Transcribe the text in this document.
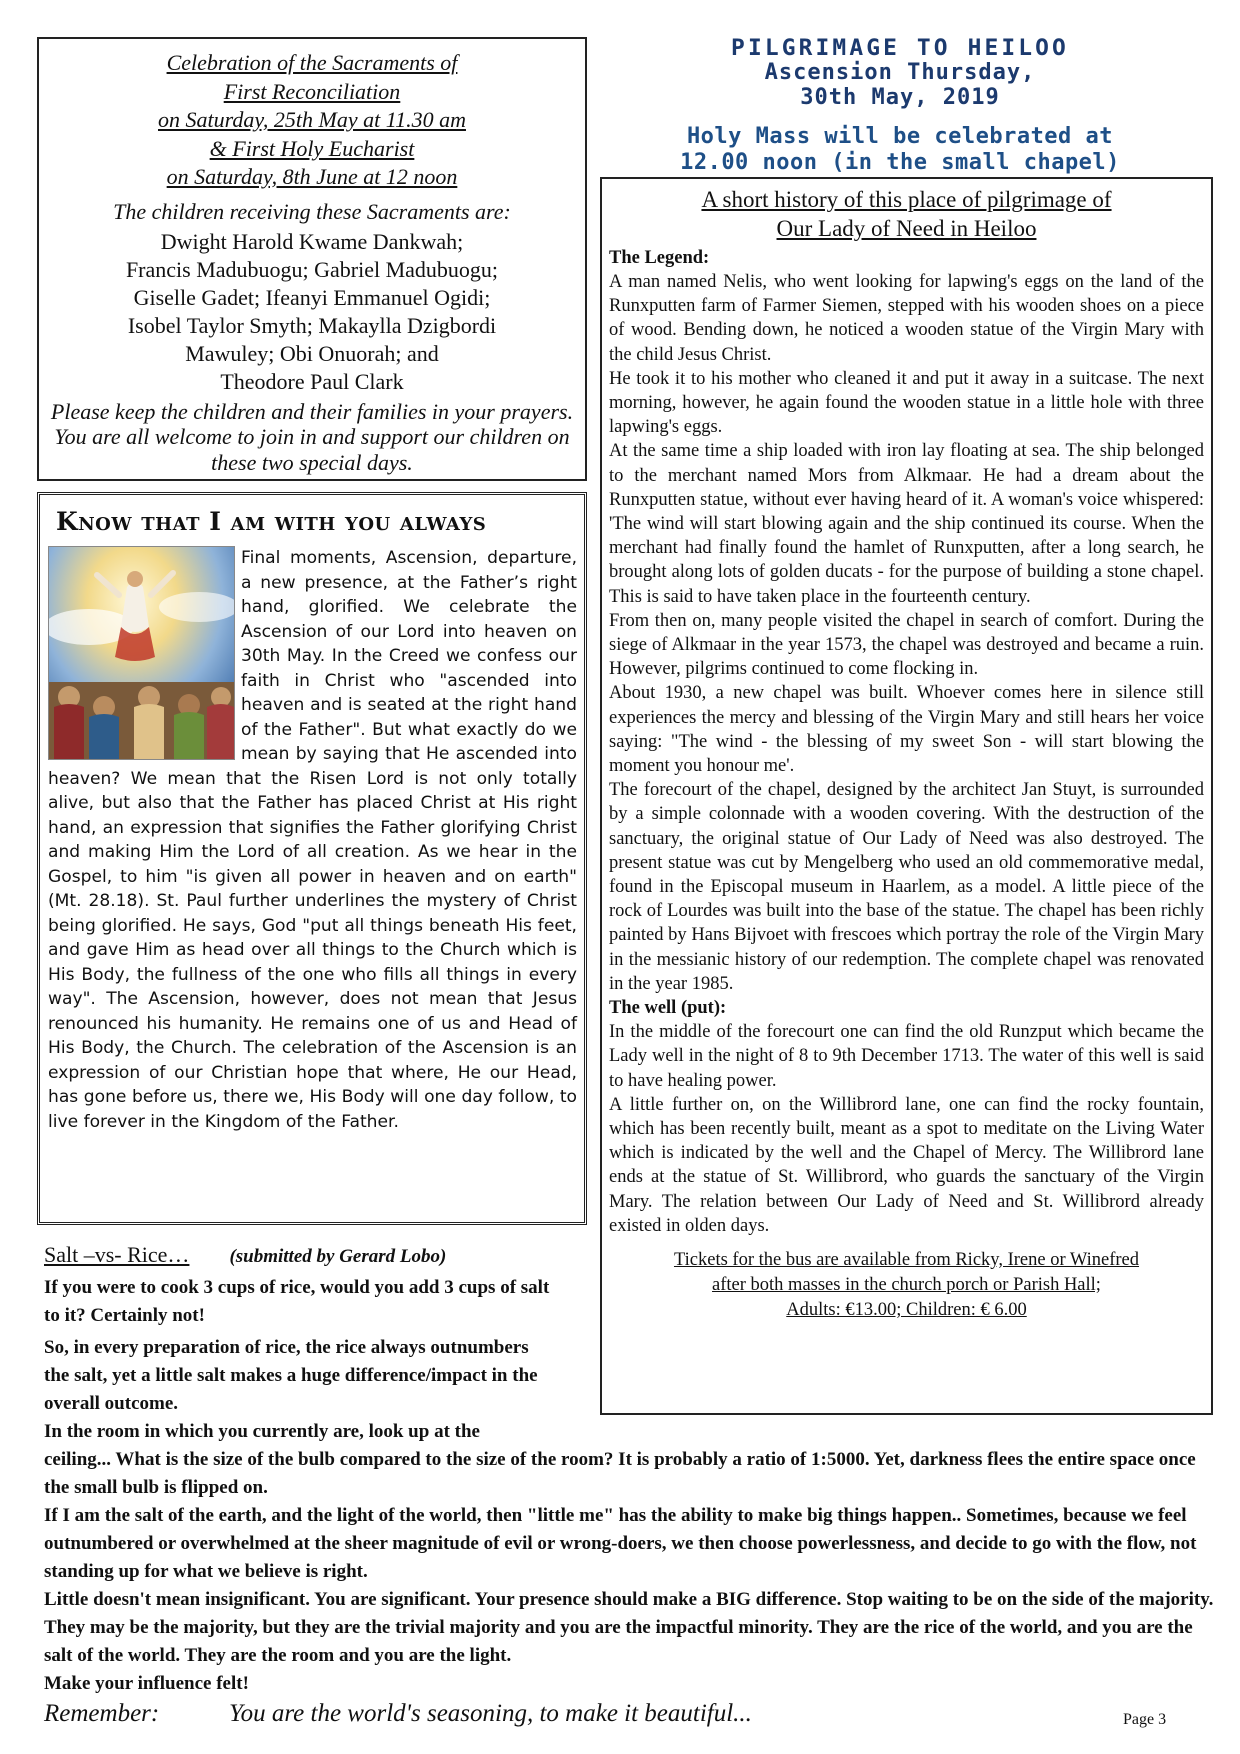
Celebration of the Sacraments of

First Reconciliation

on Saturday, 25th May at 11.30 am

& First Holy Eucharist

on Saturday, 8th June at 12 noon

The children receiving these Sacraments are:

Dwight Harold Kwame Dankwah;

Francis Madubuogu; Gabriel Madubuogu;

Giselle Gadet; Ifeanyi Emmanuel Ogidi;

Isobel Taylor Smyth; Makaylla Dzigbordi

Mawuley; Obi Onuorah; and

Theodore Paul Clark

Please keep the children and their families in your prayers. You are all welcome to join in and support our children on these two special days.

Know that I am with you always

Final moments, Ascension, departure, a new presence, at the Father’s right hand, glorified. We celebrate the Ascension of our Lord into heaven on 30th May. In the Creed we confess our faith in Christ who "ascended into heaven and is seated at the right hand of the Father". But what exactly do we mean by saying that He ascended into heaven? We mean that the Risen Lord is not only totally alive, but also that the Father has placed Christ at His right hand, an expression that signifies the Father glorifying Christ and making Him the Lord of all creation. As we hear in the Gospel, to him "is given all power in heaven and on earth" (Mt. 28.18). St. Paul further underlines the mystery of Christ being glorified. He says, God "put all things beneath His feet, and gave Him as head over all things to the Church which is His Body, the fullness of the one who fills all things in every way". The Ascension, however, does not mean that Jesus renounced his humanity. He remains one of us and Head of His Body, the Church. The celebration of the Ascension is an expression of our Christian hope that where, He our Head, has gone before us, there we, His Body will one day follow, to live forever in the Kingdom of the Father.

Salt –vs- Rice… (submitted by Gerard Lobo)

If you were to cook 3 cups of rice, would you add 3 cups of salt to it? Certainly not!

So, in every preparation of rice, the rice always outnumbers the salt, yet a little salt makes a huge difference/impact in the overall outcome.

In the room in which you currently are, look up at the

ceiling... What is the size of the bulb compared to the size of the room? It is probably a ratio of 1:5000. Yet, darkness flees the entire space once the small bulb is flipped on.

If I am the salt of the earth, and the light of the world, then "little me" has the ability to make big things happen.. Sometimes, because we feel outnumbered or overwhelmed at the sheer magnitude of evil or wrong-doers, we then choose powerlessness, and decide to go with the flow, not standing up for what we believe is right.

Little doesn't mean insignificant. You are significant. Your presence should make a BIG difference. Stop waiting to be on the side of the majority. They may be the majority, but they are the trivial majority and you are the impactful minority. They are the rice of the world, and you are the salt of the world. They are the room and you are the light.

Make your influence felt!

Remember:	You are the world's seasoning, to make it beautiful...	Page 3
PILGRIMAGE TO HEILOO
Ascension Thursday,
30th May, 2019
Holy Mass will be celebrated at
12.00 noon (in the small chapel)

A short history of this place of pilgrimage of

Our Lady of Need in Heiloo

The Legend:

A man named Nelis, who went looking for lapwing's eggs on the land of the Runxputten farm of Farmer Siemen, stepped with his wooden shoes on a piece of wood. Bending down, he noticed a wooden statue of the Virgin Mary with the child Jesus Christ.

He took it to his mother who cleaned it and put it away in a suitcase. The next morning, however, he again found the wooden statue in a little hole with three lapwing's eggs.

At the same time a ship loaded with iron lay floating at sea. The ship belonged to the merchant named Mors from Alkmaar. He had a dream about the Runxputten statue, without ever having heard of it. A woman's voice whispered: 'The wind will start blowing again and the ship continued its course. When the merchant had finally found the hamlet of Runxputten, after a long search, he brought along lots of golden ducats - for the purpose of building a stone chapel. This is said to have taken place in the fourteenth century.

From then on, many people visited the chapel in search of comfort. During the siege of Alkmaar in the year 1573, the chapel was destroyed and became a ruin. However, pilgrims continued to come flocking in.

About 1930, a new chapel was built. Whoever comes here in silence still experiences the mercy and blessing of the Virgin Mary and still hears her voice saying: "The wind - the blessing of my sweet Son - will start blowing the moment you honour me'.

The forecourt of the chapel, designed by the architect Jan Stuyt, is surrounded by a simple colonnade with a wooden covering. With the destruction of the sanctuary, the original statue of Our Lady of Need was also destroyed. The present statue was cut by Mengelberg who used an old commemorative medal, found in the Episcopal museum in Haarlem, as a model. A little piece of the rock of Lourdes was built into the base of the statue. The chapel has been richly painted by Hans Bijvoet with frescoes which portray the role of the Virgin Mary in the messianic history of our redemption. The complete chapel was renovated in the year 1985.

The well (put):

In the middle of the forecourt one can find the old Runzput which became the Lady well in the night of 8 to 9th December 1713. The water of this well is said to have healing power.

A little further on, on the Willibrord lane, one can find the rocky fountain, which has been recently built, meant as a spot to meditate on the Living Water which is indicated by the well and the Chapel of Mercy. The Willibrord lane ends at the statue of St. Willibrord, who guards the sanctuary of the Virgin Mary. The relation between Our Lady of Need and St. Willibrord already existed in olden days.

Tickets for the bus are available from Ricky, Irene or Winefred

after both masses in the church porch or Parish Hall;

Adults: €13.00; Children: € 6.00
